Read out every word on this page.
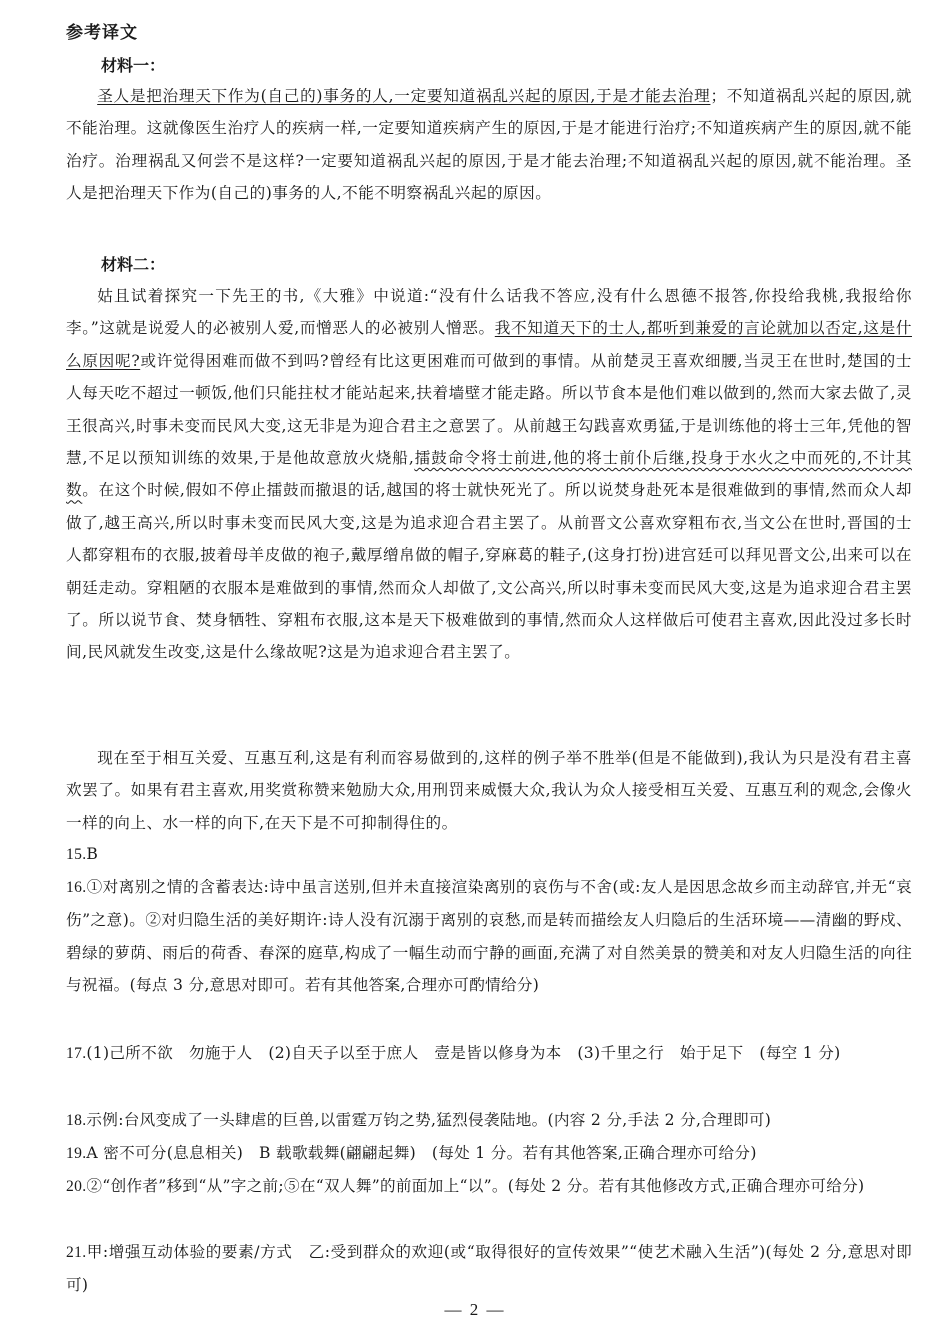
参考译文
材料一：

圣人是把治理天下作为(自己的)事务的人,一定要知道祸乱兴起的原因,于是才能去治理；不知道祸乱兴起的原因,就不能治理。这就像医生治疗人的疾病一样,一定要知道疾病产生的原因,于是才能进行治疗;不知道疾病产生的原因,就不能治疗。治理祸乱又何尝不是这样?一定要知道祸乱兴起的原因,于是才能去治理;不知道祸乱兴起的原因,就不能治理。圣人是把治理天下作为(自己的)事务的人,不能不明察祸乱兴起的原因。

材料二：

姑且试着探究一下先王的书,《大雅》中说道:“没有什么话我不答应,没有什么恩德不报答,你投给我桃,我报给你李。”这就是说爱人的必被别人爱,而憎恶人的必被别人憎恶。我不知道天下的士人,都听到兼爱的言论就加以否定,这是什么原因呢?或许觉得困难而做不到吗?曾经有比这更困难而可做到的事情。从前楚灵王喜欢细腰,当灵王在世时,楚国的士人每天吃不超过一顿饭,他们只能拄杖才能站起来,扶着墙壁才能走路。所以节食本是他们难以做到的,然而大家去做了,灵王很高兴,时事未变而民风大变,这无非是为迎合君主之意罢了。从前越王勾践喜欢勇猛,于是训练他的将士三年,凭他的智慧,不足以预知训练的效果,于是他故意放火烧船,擂鼓命令将士前进,他的将士前仆后继,投身于水火之中而死的,不计其数。在这个时候,假如不停止擂鼓而撤退的话,越国的将士就快死光了。所以说焚身赴死本是很难做到的事情,然而众人却做了,越王高兴,所以时事未变而民风大变,这是为追求迎合君主罢了。从前晋文公喜欢穿粗布衣,当文公在世时,晋国的士人都穿粗布的衣服,披着母羊皮做的袍子,戴厚缯帛做的帽子,穿麻葛的鞋子,(这身打扮)进宫廷可以拜见晋文公,出来可以在朝廷走动。穿粗陋的衣服本是难做到的事情,然而众人却做了,文公高兴,所以时事未变而民风大变,这是为追求迎合君主罢了。所以说节食、焚身牺牲、穿粗布衣服,这本是天下极难做到的事情,然而众人这样做后可使君主喜欢,因此没过多长时间,民风就发生改变,这是什么缘故呢?这是为追求迎合君主罢了。

现在至于相互关爱、互惠互利,这是有利而容易做到的,这样的例子举不胜举(但是不能做到),我认为只是没有君主喜欢罢了。如果有君主喜欢,用奖赏称赞来勉励大众,用刑罚来威慑大众,我认为众人接受相互关爱、互惠互利的观念,会像火一样的向上、水一样的向下,在天下是不可抑制得住的。

15.B
16.①对离别之情的含蓄表达:诗中虽言送别,但并未直接渲染离别的哀伤与不舍(或:友人是因思念故乡而主动辞官,并无“哀伤”之意)。②对归隐生活的美好期许:诗人没有沉溺于离别的哀愁,而是转而描绘友人归隐后的生活环境——清幽的野戍、碧绿的萝荫、雨后的荷香、春深的庭草,构成了一幅生动而宁静的画面,充满了对自然美景的赞美和对友人归隐生活的向往与祝福。(每点 3 分,意思对即可。若有其他答案,合理亦可酌情给分)
17.(1)己所不欲　勿施于人　(2)自天子以至于庶人　壹是皆以修身为本　(3)千里之行　始于足下　(每空 1 分)
18.示例:台风变成了一头肆虐的巨兽,以雷霆万钧之势,猛烈侵袭陆地。(内容 2 分,手法 2 分,合理即可)
19.A 密不可分(息息相关)　B 载歌载舞(翩翩起舞)　(每处 1 分。若有其他答案,正确合理亦可给分)
20.②“创作者”移到“从”字之前;⑤在“双人舞”的前面加上“以”。(每处 2 分。若有其他修改方式,正确合理亦可给分)
21.甲:增强互动体验的要素/方式　乙:受到群众的欢迎(或“取得很好的宣传效果”“使艺术融入生活”)(每处 2 分,意思对即可)
— 2 —
